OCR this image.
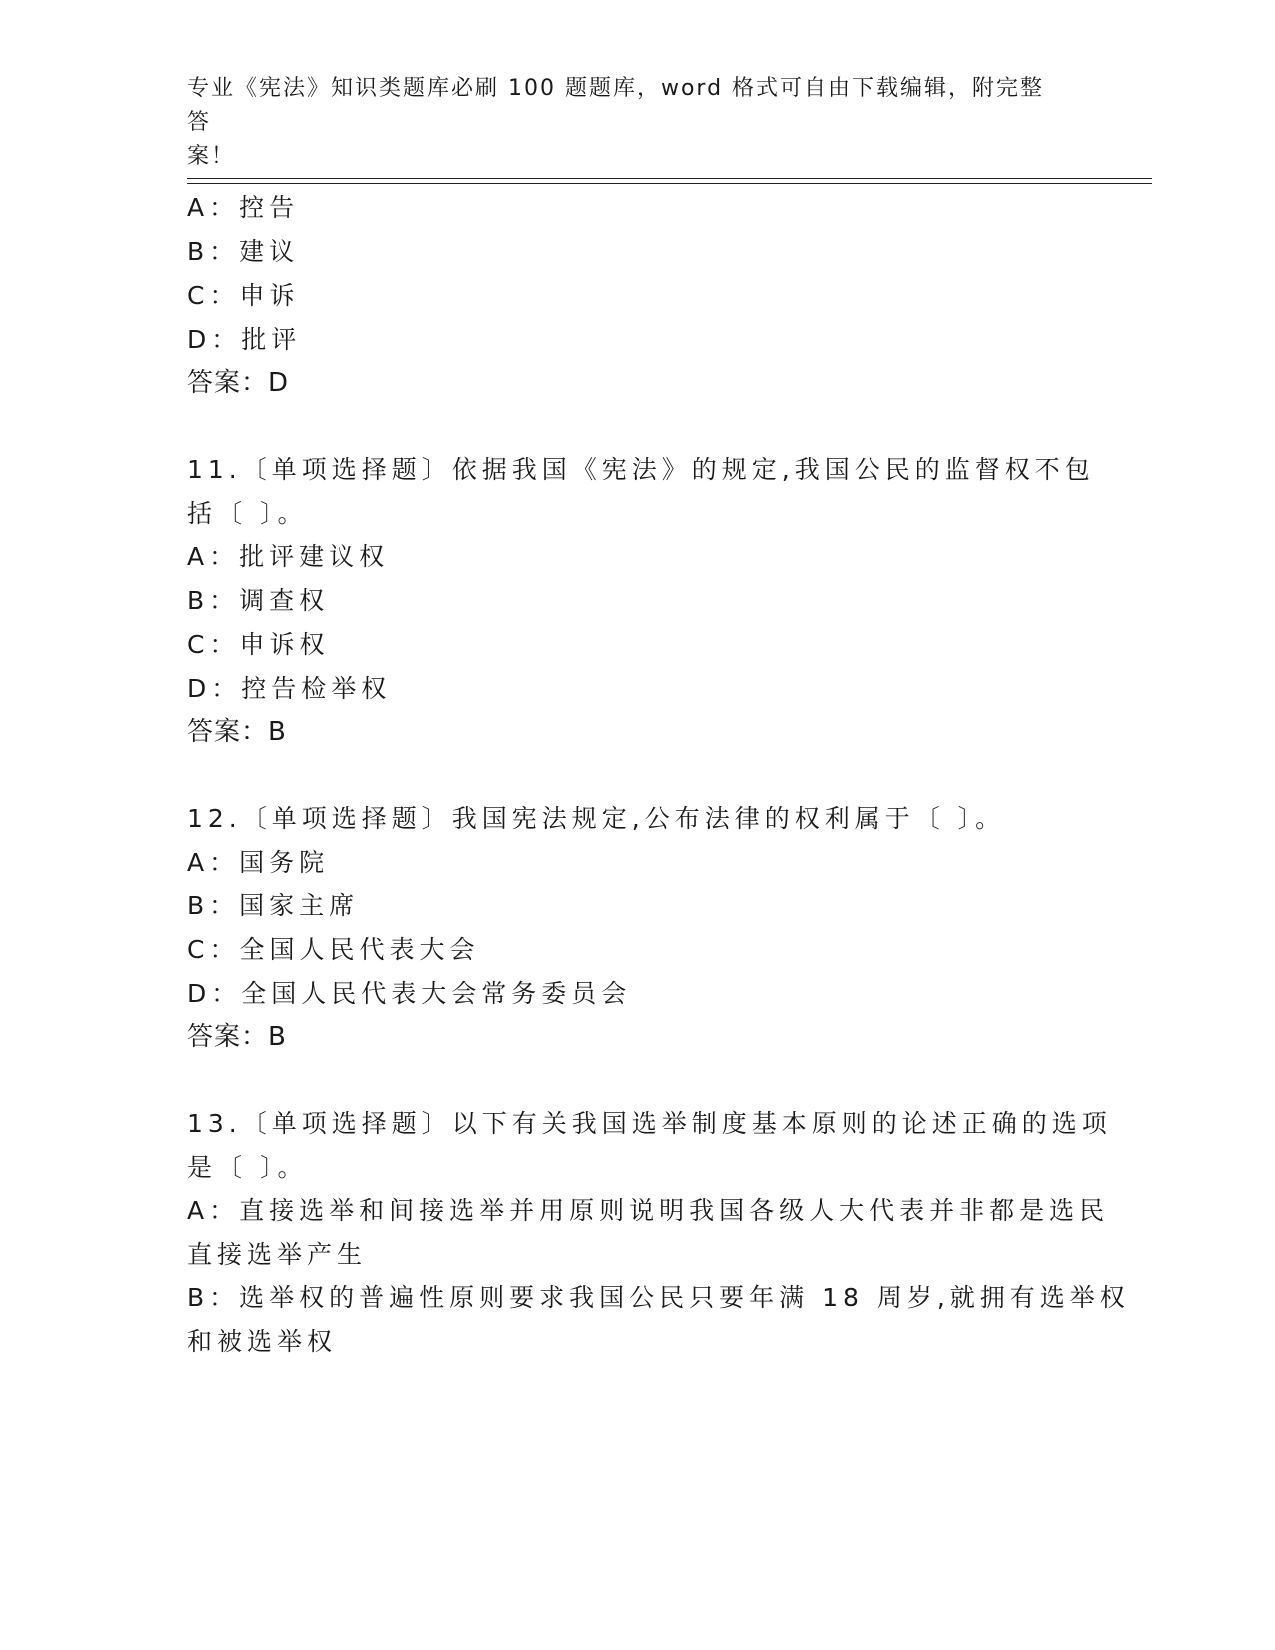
专业《宪法》知识类题库必刷 100 题题库，word 格式可自由下载编辑，附完整答
案！
A：控告
B：建议
C：申诉
D：批评
答案：D
11.〔单项选择题〕依据我国《宪法》的规定,我国公民的监督权不包
括〔 〕。
A：批评建议权
B：调查权
C：申诉权
D：控告检举权
答案：B
12.〔单项选择题〕我国宪法规定,公布法律的权利属于〔 〕。
A：国务院
B：国家主席
C：全国人民代表大会
D：全国人民代表大会常务委员会
答案：B
13.〔单项选择题〕以下有关我国选举制度基本原则的论述正确的选项
是〔 〕。
A：直接选举和间接选举并用原则说明我国各级人大代表并非都是选民
直接选举产生
B：选举权的普遍性原则要求我国公民只要年满 18 周岁,就拥有选举权
和被选举权
